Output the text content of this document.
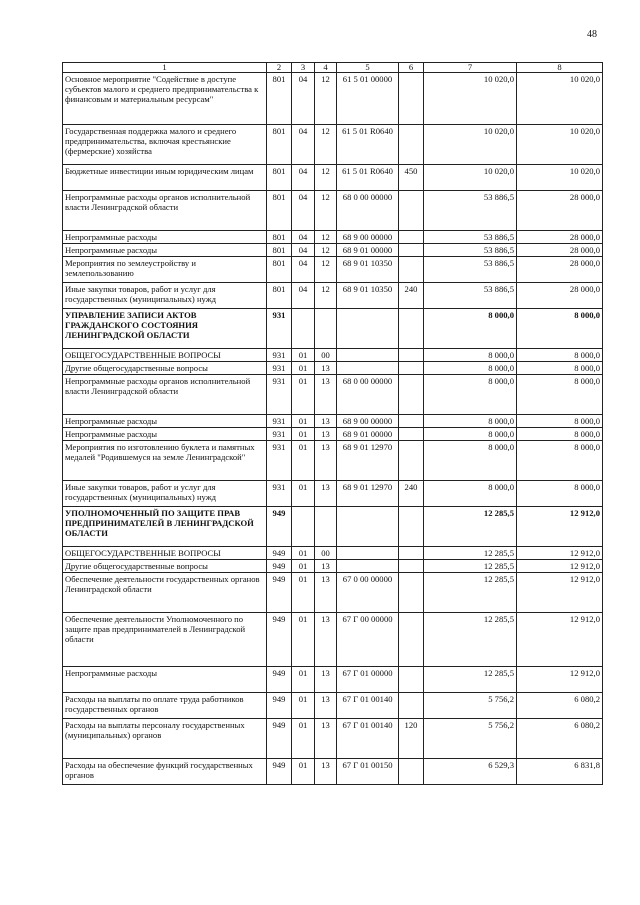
48
1	2	3	4	5	6	7	8
Основное мероприятие "Содействие в доступе субъектов малого и среднего предпринимательства к финансовым и материальным ресурсам"	801	04	12	61 5 01 00000		10 020,0	10 020,0
Государственная поддержка малого и среднего предпринимательства, включая крестьянские (фермерские) хозяйства	801	04	12	61 5 01 R0640		10 020,0	10 020,0
Бюджетные инвестиции иным юридическим лицам	801	04	12	61 5 01 R0640	450	10 020,0	10 020,0
Непрограммные расходы органов исполнительной власти Ленинградской области	801	04	12	68 0 00 00000		53 886,5	28 000,0
Непрограммные расходы	801	04	12	68 9 00 00000		53 886,5	28 000,0
Непрограммные расходы	801	04	12	68 9 01 00000		53 886,5	28 000,0
Мероприятия по землеустройству и землепользованию	801	04	12	68 9 01 10350		53 886,5	28 000,0
Иные закупки товаров, работ и услуг для государственных (муниципальных) нужд	801	04	12	68 9 01 10350	240	53 886,5	28 000,0
УПРАВЛЕНИЕ ЗАПИСИ АКТОВ ГРАЖДАНСКОГО СОСТОЯНИЯ ЛЕНИНГРАДСКОЙ ОБЛАСТИ	931					8 000,0	8 000,0
ОБЩЕГОСУДАРСТВЕННЫЕ ВОПРОСЫ	931	01	00			8 000,0	8 000,0
Другие общегосударственные вопросы	931	01	13			8 000,0	8 000,0
Непрограммные расходы органов исполнительной власти Ленинградской области	931	01	13	68 0 00 00000		8 000,0	8 000,0
Непрограммные расходы	931	01	13	68 9 00 00000		8 000,0	8 000,0
Непрограммные расходы	931	01	13	68 9 01 00000		8 000,0	8 000,0
Мероприятия по изготовлению буклета и памятных медалей "Родившемуся на земле Ленинградской"	931	01	13	68 9 01 12970		8 000,0	8 000,0
Иные закупки товаров, работ и услуг для государственных (муниципальных) нужд	931	01	13	68 9 01 12970	240	8 000,0	8 000,0
УПОЛНОМОЧЕННЫЙ ПО ЗАЩИТЕ ПРАВ ПРЕДПРИНИМАТЕЛЕЙ В ЛЕНИНГРАДСКОЙ ОБЛАСТИ	949					12 285,5	12 912,0
ОБЩЕГОСУДАРСТВЕННЫЕ ВОПРОСЫ	949	01	00			12 285,5	12 912,0
Другие общегосударственные вопросы	949	01	13			12 285,5	12 912,0
Обеспечение деятельности государственных органов Ленинградской области	949	01	13	67 0 00 00000		12 285,5	12 912,0
Обеспечение деятельности Уполномоченного по защите прав предпринимателей в Ленинградской области	949	01	13	67 Г 00 00000		12 285,5	12 912,0
Непрограммные расходы	949	01	13	67 Г 01 00000		12 285,5	12 912,0
Расходы на выплаты по оплате труда работников государственных органов	949	01	13	67 Г 01 00140		5 756,2	6 080,2
Расходы на выплаты персоналу государственных (муниципальных) органов	949	01	13	67 Г 01 00140	120	5 756,2	6 080,2
Расходы на обеспечение функций государственных органов	949	01	13	67 Г 01 00150		6 529,3	6 831,8
